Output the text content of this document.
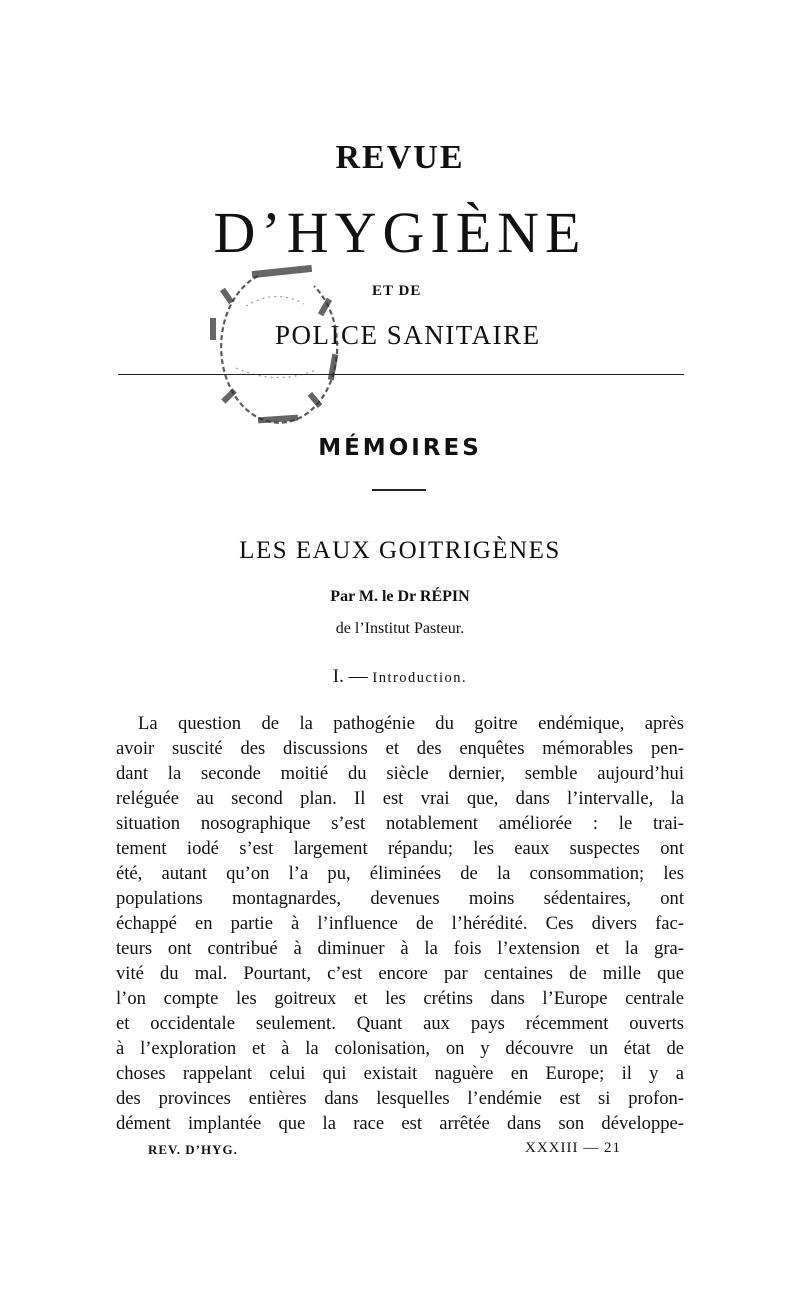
REVUE
D’HYGIÈNE
ET DE
POLICE SANITAIRE
MÉMOIRES
LES EAUX GOITRIGÈNES
Par M. le Dr RÉPIN
de l’Institut Pasteur.
I. — Introduction.

La question de la pathogénie du goitre endémique, après
avoir suscité des discussions et des enquêtes mémorables pen-
dant la seconde moitié du siècle dernier, semble aujourd’hui
reléguée au second plan. Il est vrai que, dans l’intervalle, la
situation nosographique s’est notablement améliorée : le trai-
tement iodé s’est largement répandu; les eaux suspectes ont
été, autant qu’on l’a pu, éliminées de la consommation; les
populations montagnardes, devenues moins sédentaires, ont
échappé en partie à l’influence de l’hérédité. Ces divers fac-
teurs ont contribué à diminuer à la fois l’extension et la gra-
vité du mal. Pourtant, c’est encore par centaines de mille que
l’on compte les goitreux et les crétins dans l’Europe centrale
et occidentale seulement. Quant aux pays récemment ouverts
à l’exploration et à la colonisation, on y découvre un état de
choses rappelant celui qui existait naguère en Europe; il y a
des provinces entières dans lesquelles l’endémie est si profon-
dément implantée que la race est arrêtée dans son développe-

REV. D’HYG.	XXXIII — 21
